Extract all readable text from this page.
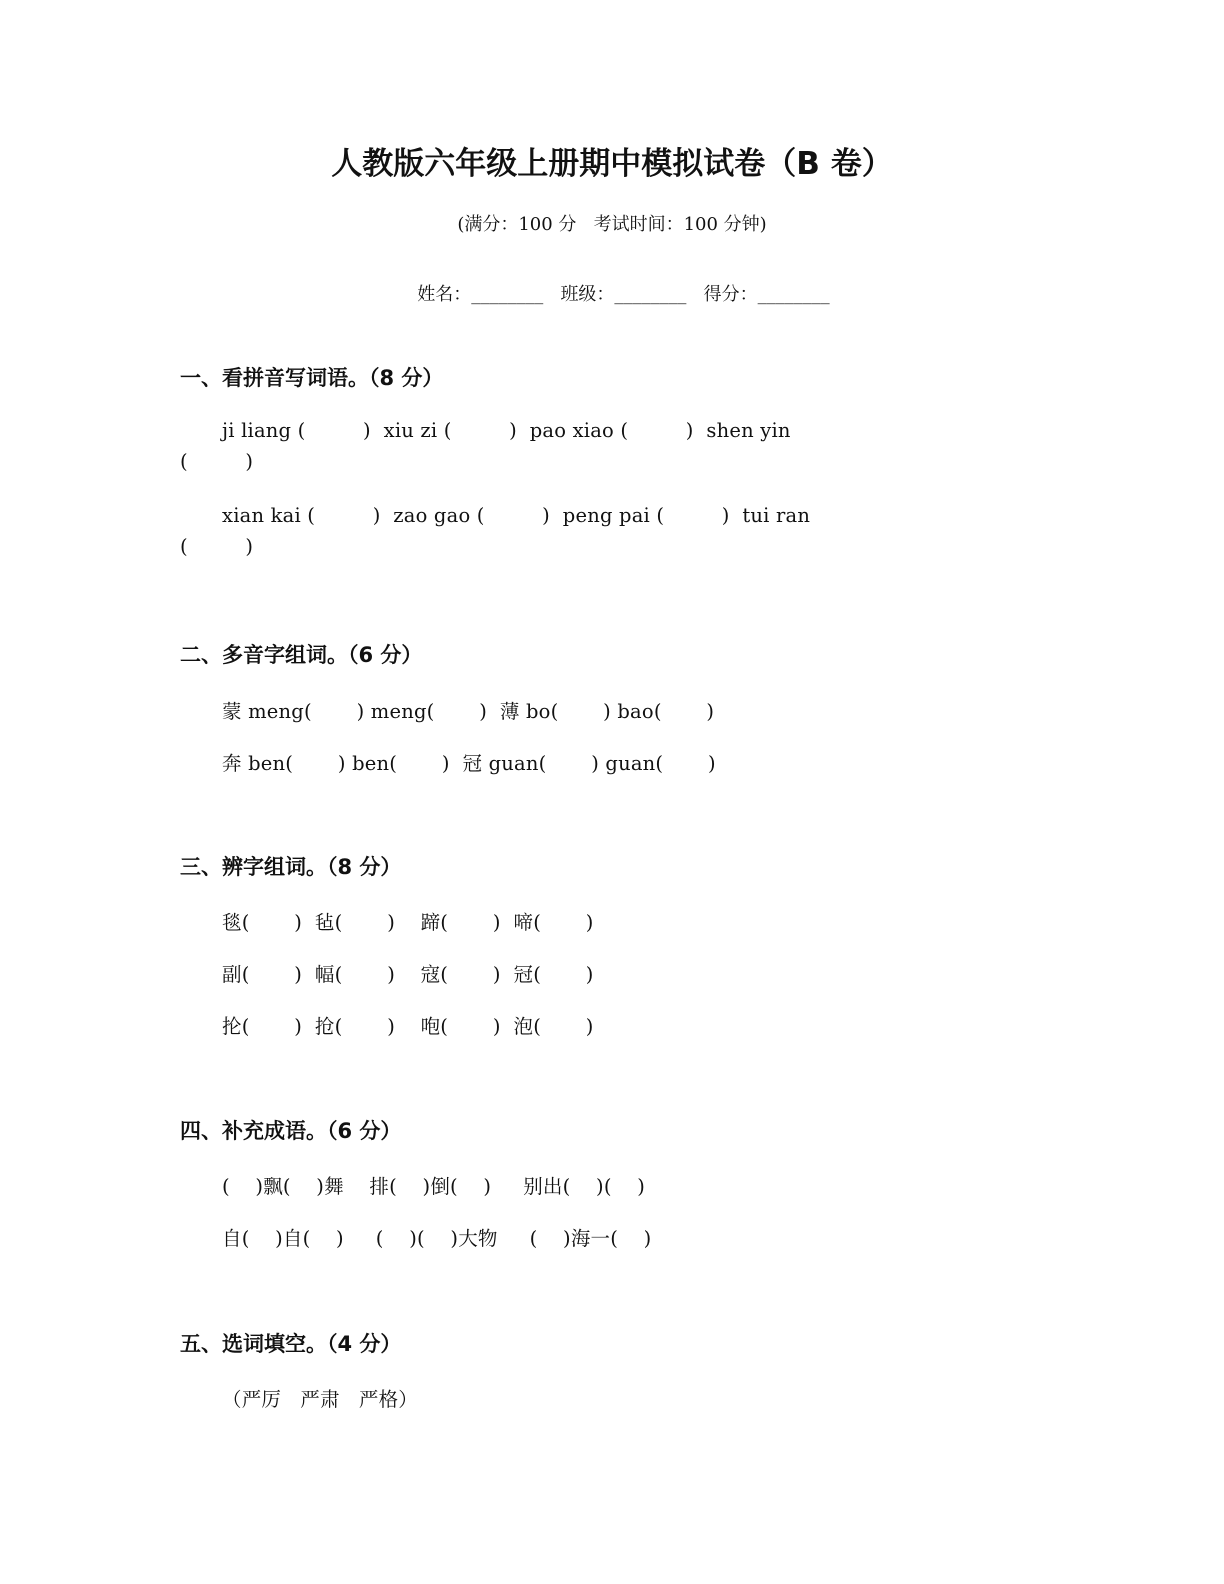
人教版六年级上册期中模拟试卷（B 卷）
(满分：100 分   考试时间：100 分钟)

姓名：________ 班级：________ 得分：________

一、看拼音写词语。（8 分）
ji liang (         )  xiu zi (         )  pao xiao (         )  shen yin
(         )
xian kai (         )  zao gao (         )  peng pai (         )  tui ran
(         )
二、多音字组词。（6 分）
蒙 meng(       ) meng(       )  薄 bo(       ) bao(       )
奔 ben(       ) ben(       )  冠 guan(       ) guan(       )
三、辨字组词。（8 分）
毯(       )  毡(       )    蹄(       )  啼(       )
副(       )  幅(       )    寇(       )  冠(       )
抡(       )  抢(       )    咆(       )  泡(       )
四、补充成语。（6 分）
(    )飘(    )舞    排(    )倒(    )     别出(    )(    )
自(    )自(    )     (    )(    )大物     (    )海一(    )
五、选词填空。（4 分）
（严厉   严肃   严格）
